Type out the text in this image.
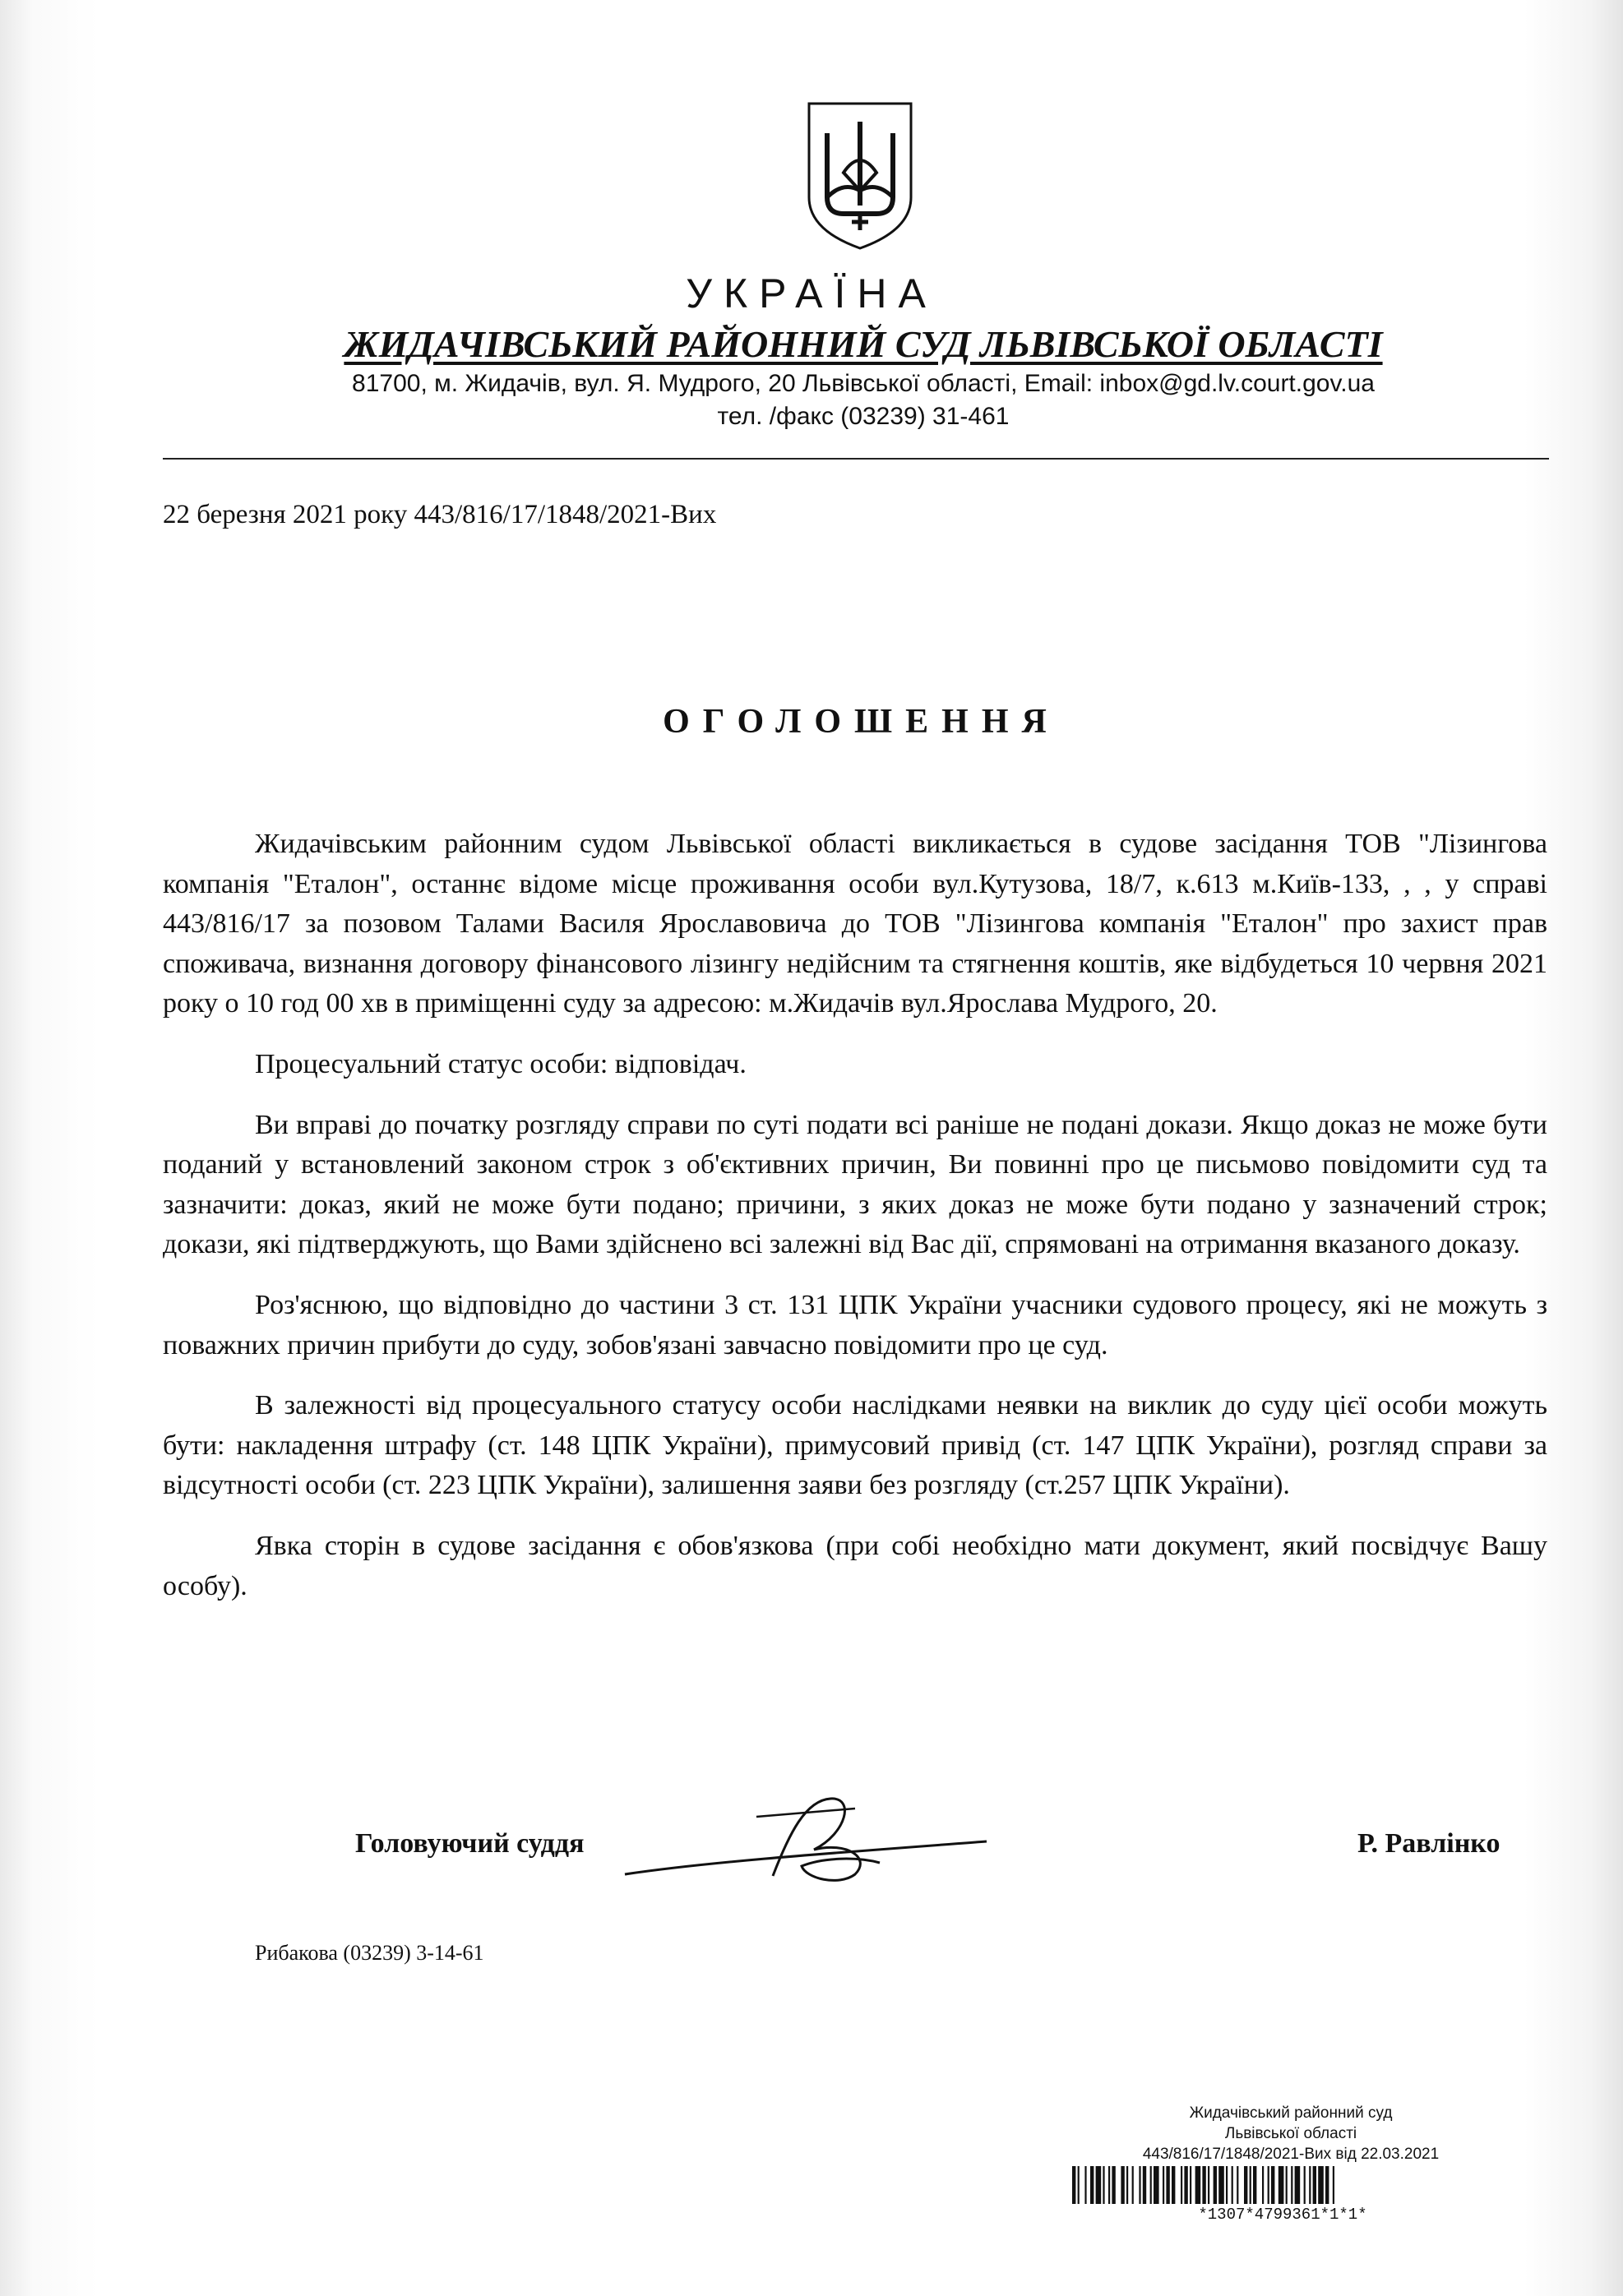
УКРАЇНА
ЖИДАЧІВСЬКИЙ РАЙОННИЙ СУД ЛЬВІВСЬКОЇ ОБЛАСТІ
81700, м. Жидачів, вул. Я. Мудрого, 20 Львівської області, Email: inbox@gd.lv.court.gov.ua
тел. /факс (03239) 31-461
22 березня 2021 року 443/816/17/1848/2021-Вих
ОГОЛОШЕННЯ

Жидачівським районним судом Львівської області викликається в судове засідання ТОВ "Лізингова компанія "Еталон", останнє відоме місце проживання особи вул.Кутузова, 18/7, к.613 м.Київ-133, , , у справі 443/816/17 за позовом Талами Василя Ярославовича до ТОВ "Лізингова компанія "Еталон" про захист прав споживача, визнання договору фінансового лізингу недійсним та стягнення коштів, яке відбудеться 10 червня 2021 року о 10 год 00 хв в приміщенні суду за адресою: м.Жидачів вул.Ярослава Мудрого, 20.

Процесуальний статус особи: відповідач.

Ви вправі до початку розгляду справи по суті подати всі раніше не подані докази. Якщо доказ не може бути поданий у встановлений законом строк з об'єктивних причин, Ви повинні про це письмово повідомити суд та зазначити: доказ, який не може бути подано; причини, з яких доказ не може бути подано у зазначений строк; докази, які підтверджують, що Вами здійснено всі залежні від Вас дії, спрямовані на отримання вказаного доказу.

Роз'яснюю, що відповідно до частини 3 ст. 131 ЦПК України учасники судового процесу, які не можуть з поважних причин прибути до суду, зобов'язані завчасно повідомити про це суд.

В залежності від процесуального статусу особи наслідками неявки на виклик до суду цієї особи можуть бути: накладення штрафу (ст. 148 ЦПК України), примусовий привід (ст. 147 ЦПК України), розгляд справи за відсутності особи (ст. 223 ЦПК України), залишення заяви без розгляду (ст.257 ЦПК України).

Явка сторін в судове засідання є обов'язкова (при собі необхідно мати документ, який посвідчує Вашу особу).

Головуючий суддя	Р. Равлінко
Рибакова (03239) 3-14-61
Жидачівський районний суд
Львівської області
443/816/17/1848/2021-Вих від 22.03.2021
*1307*4799361*1*1*
